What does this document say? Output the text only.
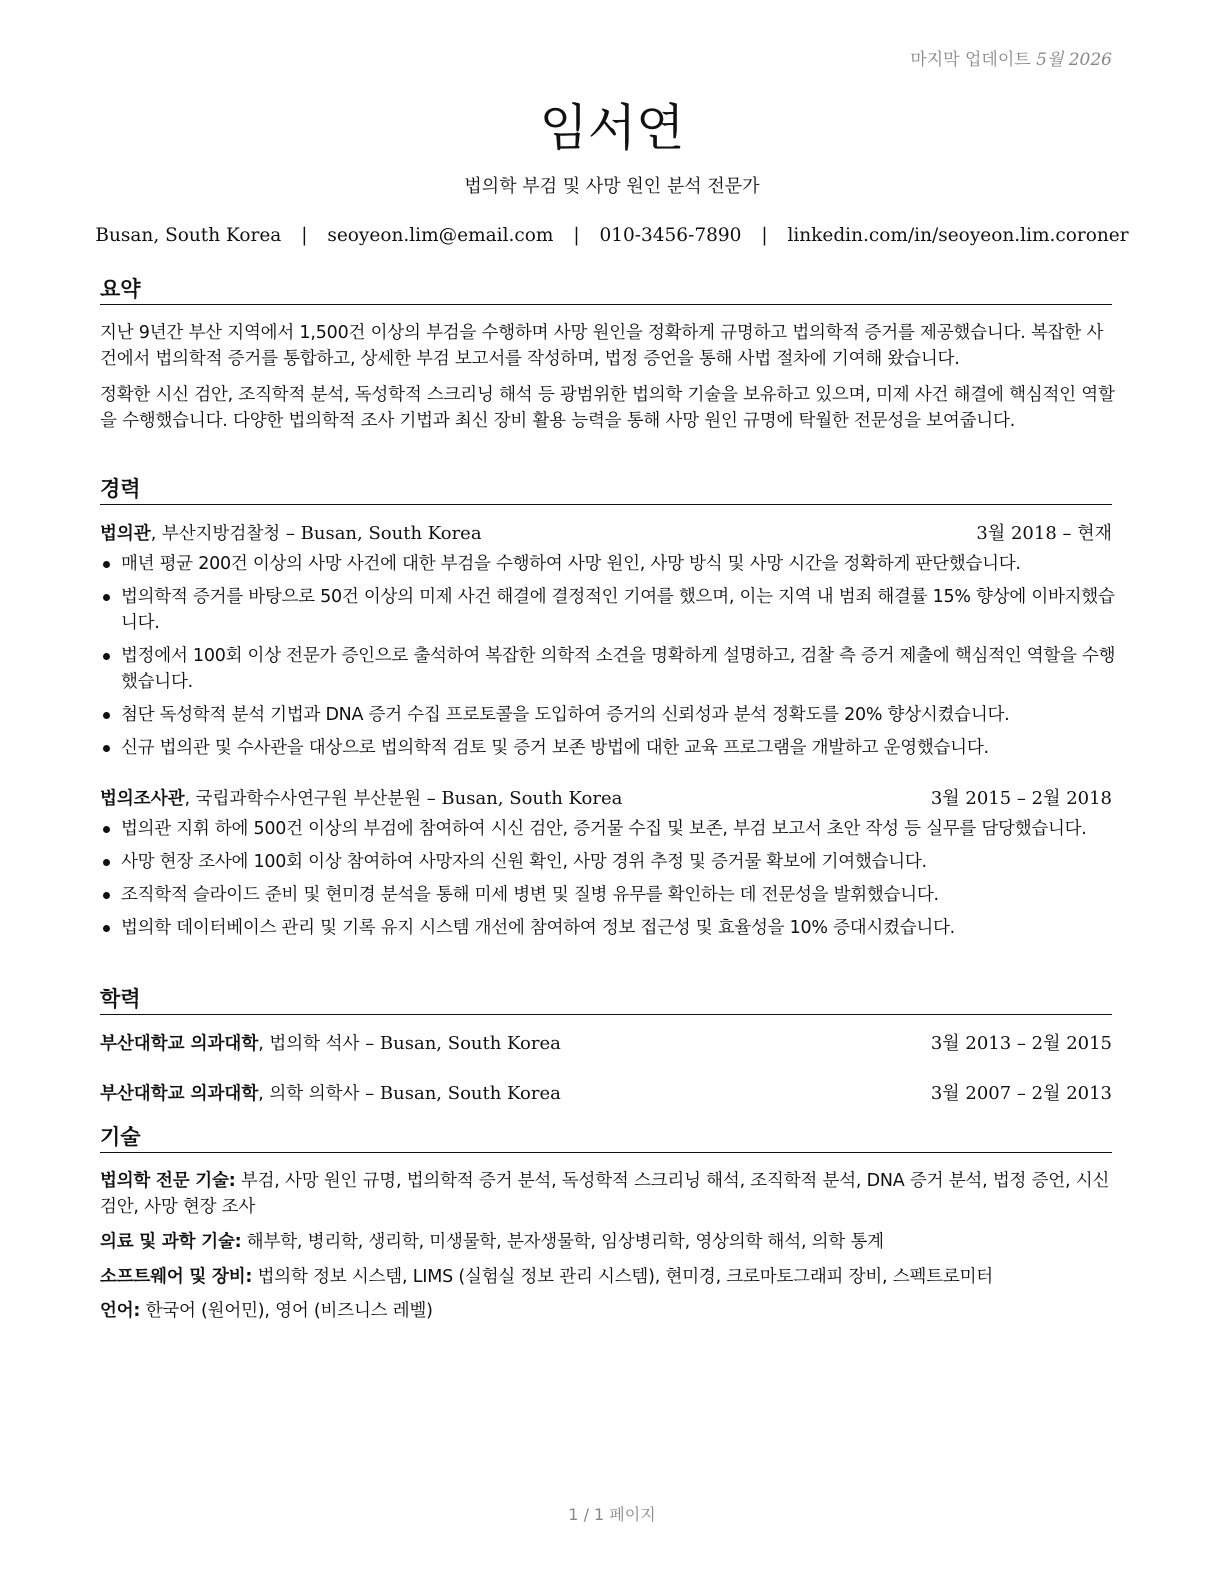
마지막 업데이트 5월 2026
임서연
법의학 부검 및 사망 원인 분석 전문가
Busan, South Korea | seoyeon.lim@email.com | 010-3456-7890 | linkedin.com/in/seoyeon.lim.coroner
요약

지난 9년간 부산 지역에서 1,500건 이상의 부검을 수행하며 사망 원인을 정확하게 규명하고 법의학적 증거를 제공했습니다. 복잡한 사건에서 법의학적 증거를 통합하고, 상세한 부검 보고서를 작성하며, 법정 증언을 통해 사법 절차에 기여해 왔습니다.

정확한 시신 검안, 조직학적 분석, 독성학적 스크리닝 해석 등 광범위한 법의학 기술을 보유하고 있으며, 미제 사건 해결에 핵심적인 역할을 수행했습니다. 다양한 법의학적 조사 기법과 최신 장비 활용 능력을 통해 사망 원인 규명에 탁월한 전문성을 보여줍니다.

경력
법의관, 부산지방검찰청 – Busan, South Korea	3월 2018 – 현재
매년 평균 200건 이상의 사망 사건에 대한 부검을 수행하여 사망 원인, 사망 방식 및 사망 시간을 정확하게 판단했습니다.
법의학적 증거를 바탕으로 50건 이상의 미제 사건 해결에 결정적인 기여를 했으며, 이는 지역 내 범죄 해결률 15% 향상에 이바지했습니다.
법정에서 100회 이상 전문가 증인으로 출석하여 복잡한 의학적 소견을 명확하게 설명하고, 검찰 측 증거 제출에 핵심적인 역할을 수행했습니다.
첨단 독성학적 분석 기법과 DNA 증거 수집 프로토콜을 도입하여 증거의 신뢰성과 분석 정확도를 20% 향상시켰습니다.
신규 법의관 및 수사관을 대상으로 법의학적 검토 및 증거 보존 방법에 대한 교육 프로그램을 개발하고 운영했습니다.
법의조사관, 국립과학수사연구원 부산분원 – Busan, South Korea	3월 2015 – 2월 2018
법의관 지휘 하에 500건 이상의 부검에 참여하여 시신 검안, 증거물 수집 및 보존, 부검 보고서 초안 작성 등 실무를 담당했습니다.
사망 현장 조사에 100회 이상 참여하여 사망자의 신원 확인, 사망 경위 추정 및 증거물 확보에 기여했습니다.
조직학적 슬라이드 준비 및 현미경 분석을 통해 미세 병변 및 질병 유무를 확인하는 데 전문성을 발휘했습니다.
법의학 데이터베이스 관리 및 기록 유지 시스템 개선에 참여하여 정보 접근성 및 효율성을 10% 증대시켰습니다.
학력
부산대학교 의과대학, 법의학 석사 – Busan, South Korea	3월 2013 – 2월 2015
부산대학교 의과대학, 의학 의학사 – Busan, South Korea	3월 2007 – 2월 2013
기술
법의학 전문 기술: 부검, 사망 원인 규명, 법의학적 증거 분석, 독성학적 스크리닝 해석, 조직학적 분석, DNA 증거 분석, 법정 증언, 시신 검안, 사망 현장 조사
의료 및 과학 기술: 해부학, 병리학, 생리학, 미생물학, 분자생물학, 임상병리학, 영상의학 해석, 의학 통계
소프트웨어 및 장비: 법의학 정보 시스템, LIMS (실험실 정보 관리 시스템), 현미경, 크로마토그래피 장비, 스펙트로미터
언어: 한국어 (원어민), 영어 (비즈니스 레벨)
1 / 1 페이지
